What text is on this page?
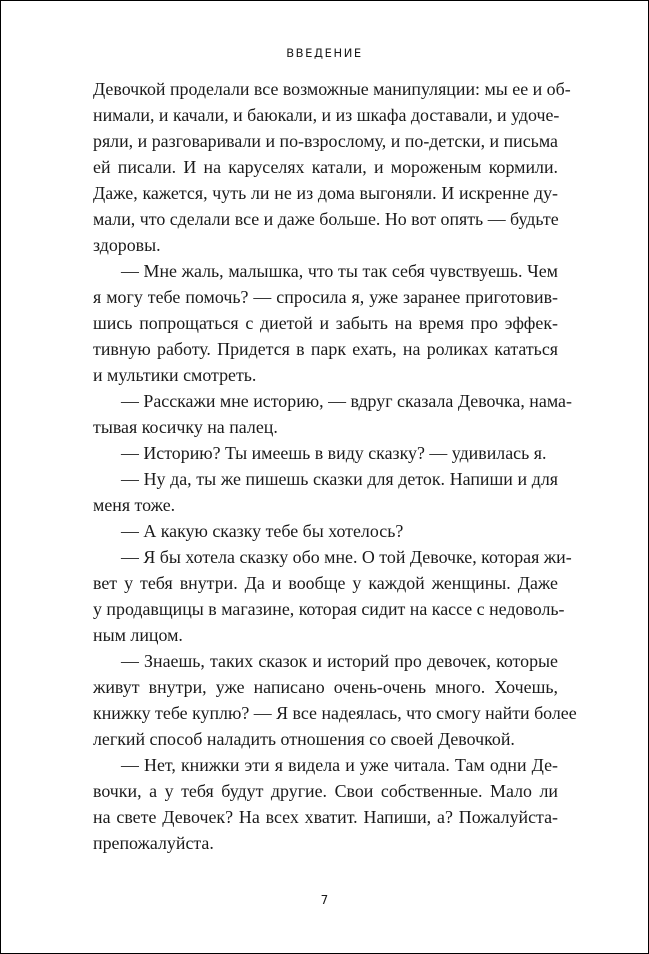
ВВЕДЕНИЕ

Девочкой проделали все возможные манипуляции: мы ее и об-
нимали, и качали, и баюкали, и из шкафа доставали, и удоче-
ряли, и разговаривали и по-взрослому, и по-детски, и письма
ей писали. И на каруселях катали, и мороженым кормили.
Даже, кажется, чуть ли не из дома выгоняли. И искренне ду-
мали, что сделали все и даже больше. Но вот опять — будьте
здоровы.

— Мне жаль, малышка, что ты так себя чувствуешь. Чем
я могу тебе помочь? — спросила я, уже заранее приготовив-
шись попрощаться с диетой и забыть на время про эффек-
тивную работу. Придется в парк ехать, на роликах кататься
и мультики смотреть.

— Расскажи мне историю, — вдруг сказала Девочка, нама-
тывая косичку на палец.

— Историю? Ты имеешь в виду сказку? — удивилась я.

— Ну да, ты же пишешь сказки для деток. Напиши и для
меня тоже.

— А какую сказку тебе бы хотелось?

— Я бы хотела сказку обо мне. О той Девочке, которая жи-
вет у тебя внутри. Да и вообще у каждой женщины. Даже
у продавщицы в магазине, которая сидит на кассе с недоволь-
ным лицом.

— Знаешь, таких сказок и историй про девочек, которые
живут внутри, уже написано очень-очень много. Хочешь,
книжку тебе куплю? — Я все надеялась, что смогу найти более
легкий способ наладить отношения со своей Девочкой.

— Нет, книжки эти я видела и уже читала. Там одни Де-
вочки, а у тебя будут другие. Свои собственные. Мало ли
на свете Девочек? На всех хватит. Напиши, а? Пожалуйста-
препожалуйста.

7
